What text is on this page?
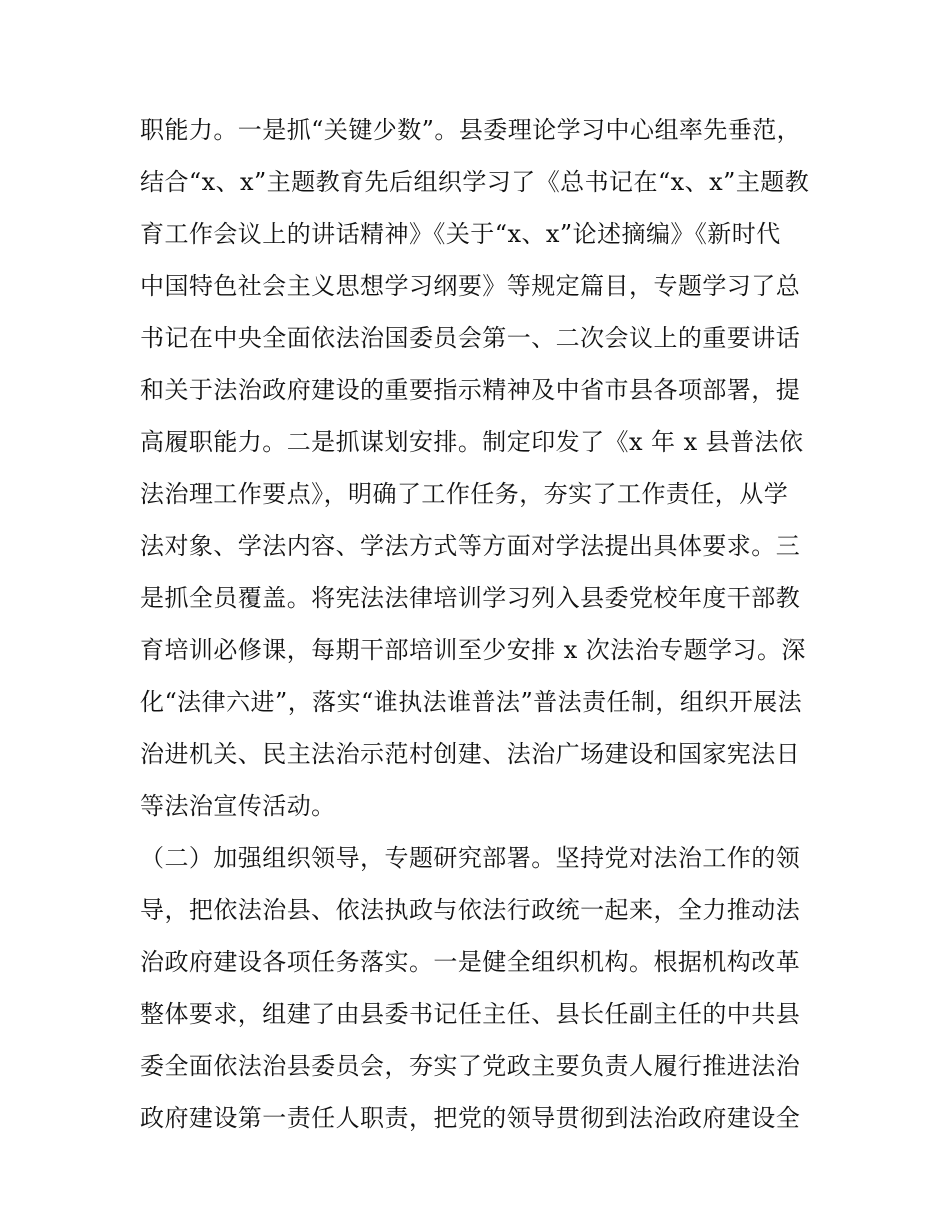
职能力。一是抓“关键少数”。县委理论学习中心组率先垂范，
结合“x、x”主题教育先后组织学习了《总书记在“x、x”主题教
育工作会议上的讲话精神》《关于“x、x”论述摘编》《新时代
中国特色社会主义思想学习纲要》等规定篇目，专题学习了总
书记在中央全面依法治国委员会第一、二次会议上的重要讲话
和关于法治政府建设的重要指示精神及中省市县各项部署，提
高履职能力。二是抓谋划安排。制定印发了《x 年 x 县普法依
法治理工作要点》，明确了工作任务，夯实了工作责任，从学
法对象、学法内容、学法方式等方面对学法提出具体要求。三
是抓全员覆盖。将宪法法律培训学习列入县委党校年度干部教
育培训必修课，每期干部培训至少安排 x 次法治专题学习。深
化“法律六进”，落实“谁执法谁普法”普法责任制，组织开展法
治进机关、民主法治示范村创建、法治广场建设和国家宪法日
等法治宣传活动。
（二）加强组织领导，专题研究部署。坚持党对法治工作的领
导，把依法治县、依法执政与依法行政统一起来，全力推动法
治政府建设各项任务落实。一是健全组织机构。根据机构改革
整体要求，组建了由县委书记任主任、县长任副主任的中共县
委全面依法治县委员会，夯实了党政主要负责人履行推进法治
政府建设第一责任人职责，把党的领导贯彻到法治政府建设全
